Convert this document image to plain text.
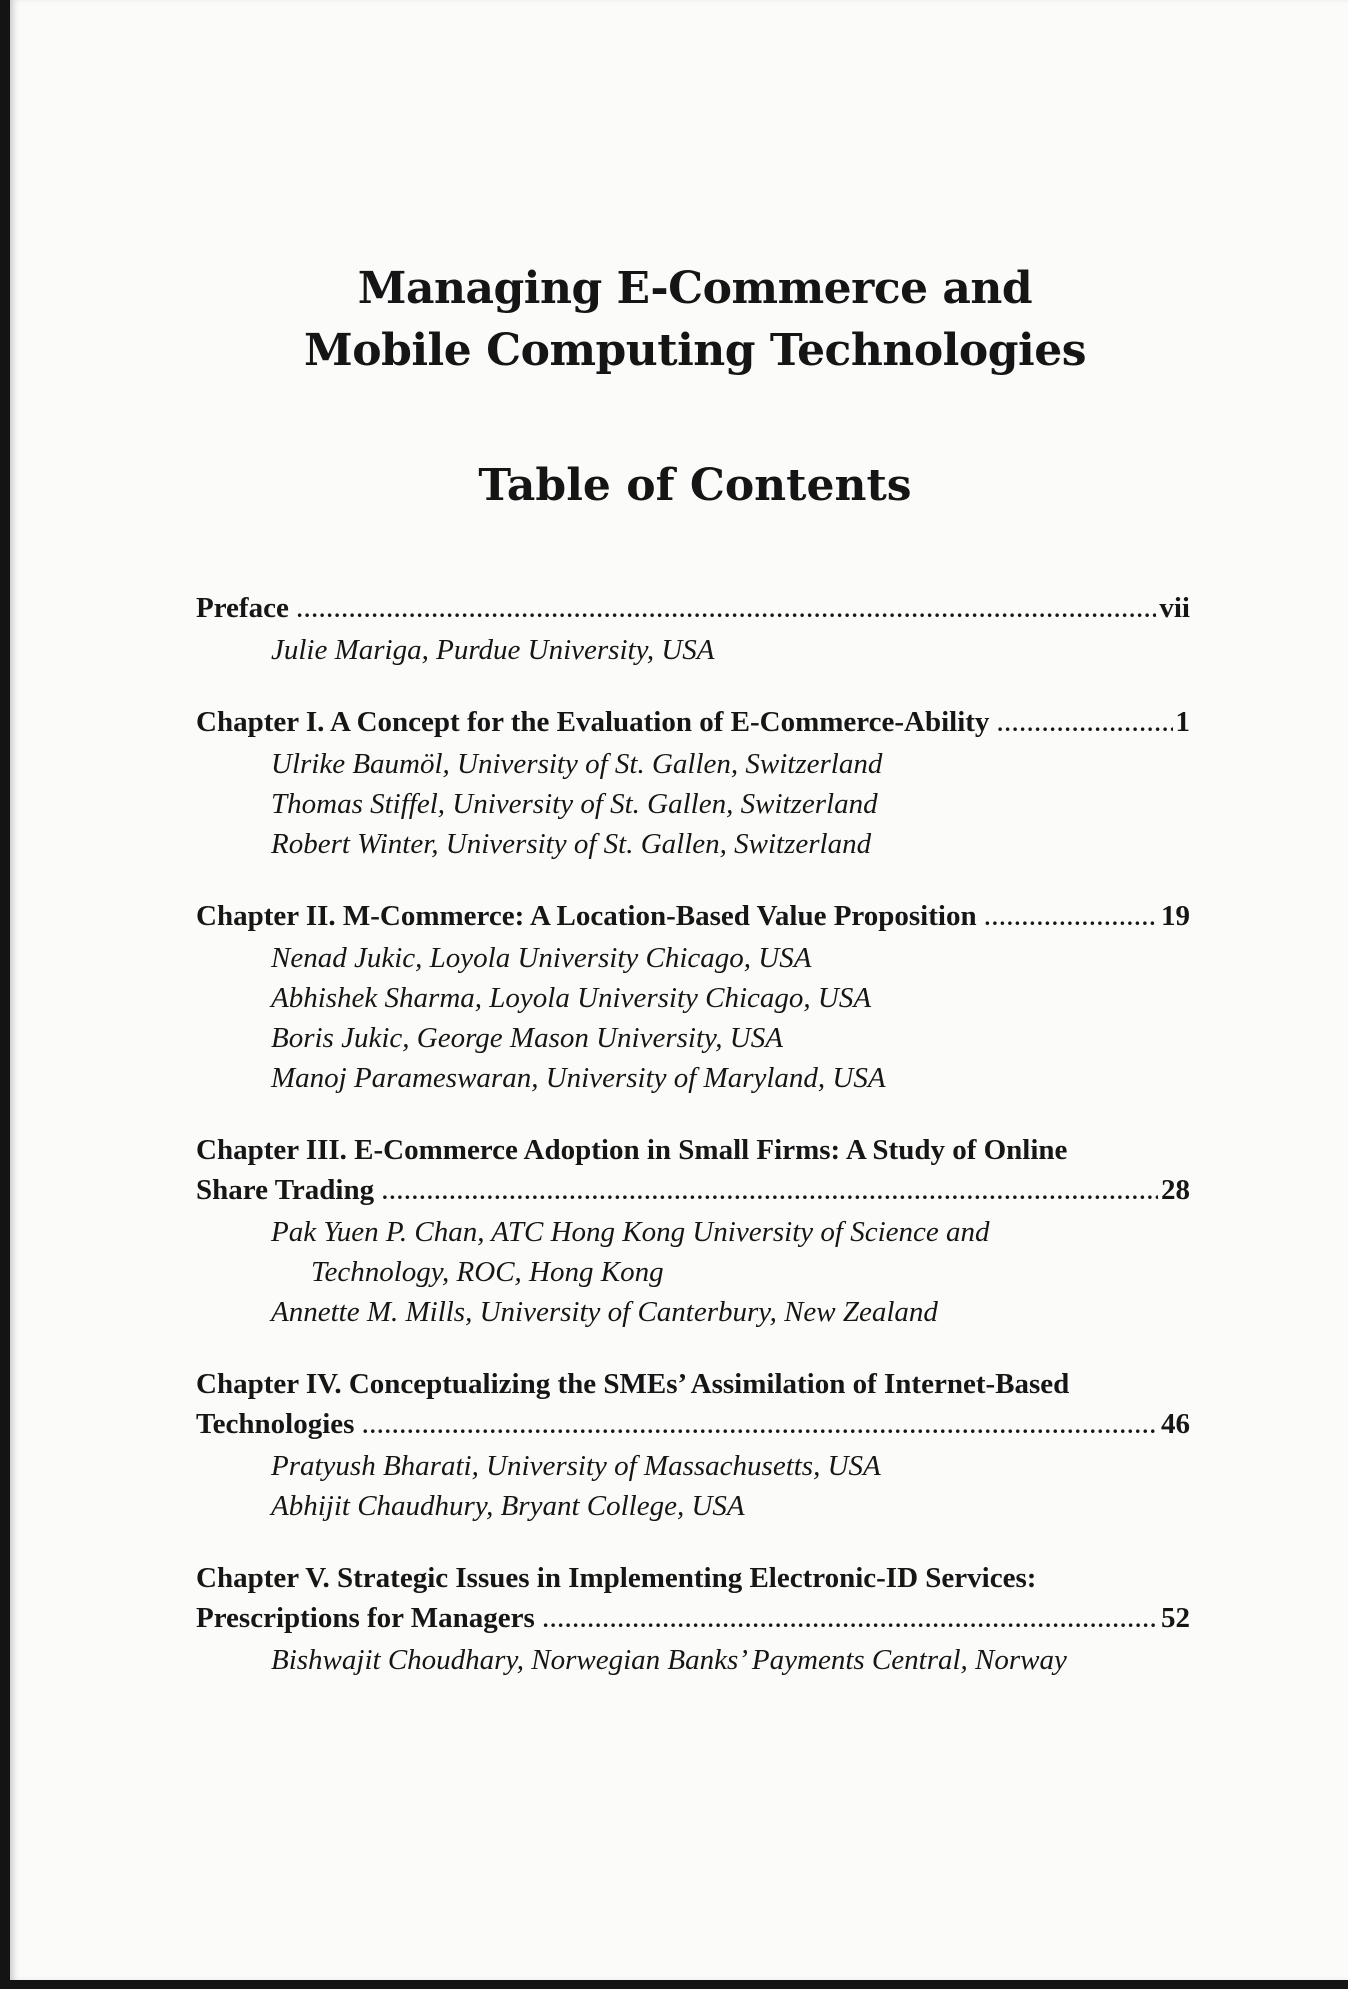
Managing E-Commerce and
Mobile Computing Technologies
Table of Contents
Preface .....	vii
Julie Mariga, Purdue University, USA
Chapter I. A Concept for the Evaluation of E-Commerce-Ability .....	1
Ulrike Baumöl, University of St. Gallen, Switzerland
Thomas Stiffel, University of St. Gallen, Switzerland
Robert Winter, University of St. Gallen, Switzerland
Chapter II. M-Commerce: A Location-Based Value Proposition .....	19
Nenad Jukic, Loyola University Chicago, USA
Abhishek Sharma, Loyola University Chicago, USA
Boris Jukic, George Mason University, USA
Manoj Parameswaran, University of Maryland, USA
Chapter III. E-Commerce Adoption in Small Firms: A Study of Online
Share Trading .....	28
Pak Yuen P. Chan, ATC Hong Kong University of Science and
Technology, ROC, Hong Kong
Annette M. Mills, University of Canterbury, New Zealand
Chapter IV. Conceptualizing the SMEs’ Assimilation of Internet-Based
Technologies .....	46
Pratyush Bharati, University of Massachusetts, USA
Abhijit Chaudhury, Bryant College, USA
Chapter V. Strategic Issues in Implementing Electronic-ID Services:
Prescriptions for Managers .....	52
Bishwajit Choudhary, Norwegian Banks’ Payments Central, Norway
